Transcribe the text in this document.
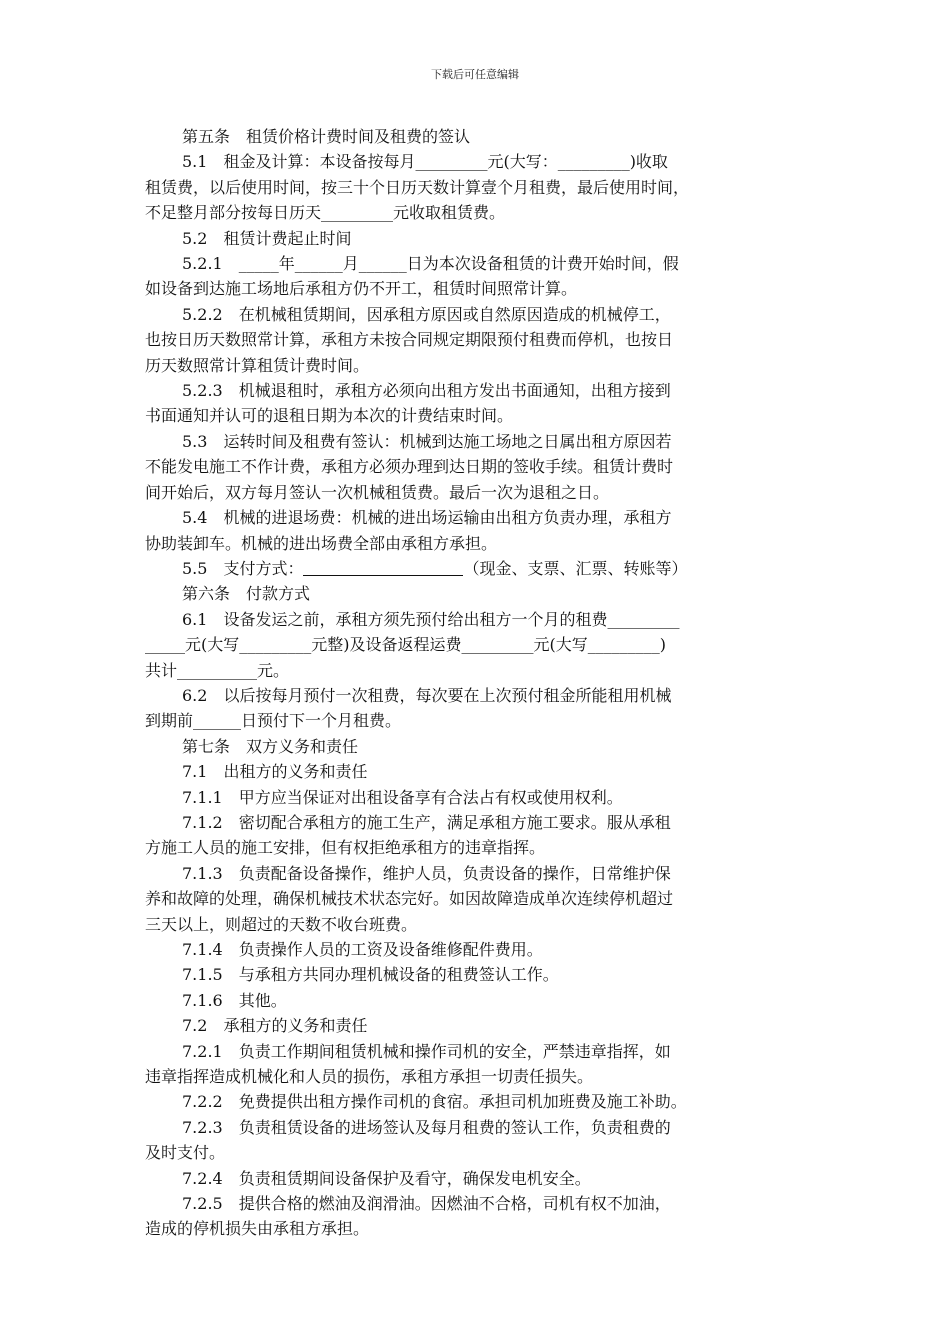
下载后可任意编辑

第五条　租赁价格计费时间及租费的签认

5.1　租金及计算：本设备按每月_________元(大写：_________)收取

租赁费，以后使用时间，按三十个日历天数计算壹个月租费，最后使用时间，

不足整月部分按每日历天_________元收取租赁费。

5.2　租赁计费起止时间

5.2.1　_____年______月______日为本次设备租赁的计费开始时间，假

如设备到达施工场地后承租方仍不开工，租赁时间照常计算。

5.2.2　在机械租赁期间，因承租方原因或自然原因造成的机械停工，

也按日历天数照常计算，承租方未按合同规定期限预付租费而停机，也按日

历天数照常计算租赁计费时间。

5.2.3　机械退租时，承租方必须向出租方发出书面通知，出租方接到

书面通知并认可的退租日期为本次的计费结束时间。

5.3　运转时间及租费有签认：机械到达施工场地之日属出租方原因若

不能发电施工不作计费，承租方必须办理到达日期的签收手续。租赁计费时

间开始后，双方每月签认一次机械租赁费。最后一次为退租之日。

5.4　机械的进退场费：机械的进出场运输由出租方负责办理，承租方

协助装卸车。机械的进出场费全部由承租方承担。

5.5　支付方式：	（现金、支票、汇票、转账等）

第六条　付款方式

6.1　设备发运之前，承租方须先预付给出租方一个月的租费_________

_____元(大写_________元整)及设备返程运费_________元(大写_________)

共计__________元。

6.2　以后按每月预付一次租费，每次要在上次预付租金所能租用机械

到期前______日预付下一个月租费。

第七条　双方义务和责任

7.1　出租方的义务和责任

7.1.1　甲方应当保证对出租设备享有合法占有权或使用权利。

7.1.2　密切配合承租方的施工生产，满足承租方施工要求。服从承租

方施工人员的施工安排，但有权拒绝承租方的违章指挥。

7.1.3　负责配备设备操作，维护人员，负责设备的操作，日常维护保

养和故障的处理，确保机械技术状态完好。如因故障造成单次连续停机超过

三天以上，则超过的天数不收台班费。

7.1.4　负责操作人员的工资及设备维修配件费用。

7.1.5　与承租方共同办理机械设备的租费签认工作。

7.1.6　其他。

7.2　承租方的义务和责任

7.2.1　负责工作期间租赁机械和操作司机的安全，严禁违章指挥，如

违章指挥造成机械化和人员的损伤，承租方承担一切责任损失。

7.2.2　免费提供出租方操作司机的食宿。承担司机加班费及施工补助。

7.2.3　负责租赁设备的进场签认及每月租费的签认工作，负责租费的

及时支付。

7.2.4　负责租赁期间设备保护及看守，确保发电机安全。

7.2.5　提供合格的燃油及润滑油。因燃油不合格，司机有权不加油，

造成的停机损失由承租方承担。
